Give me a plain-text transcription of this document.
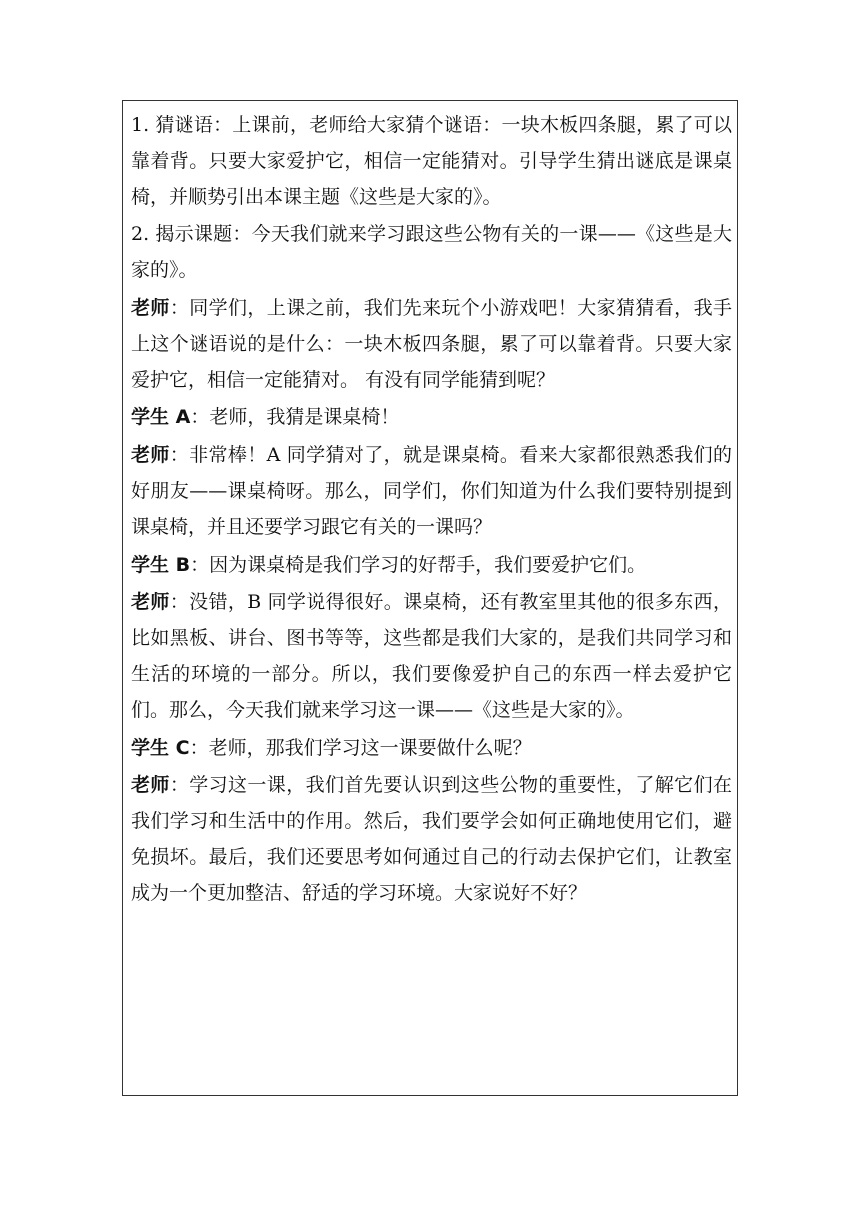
1. 猜谜语：上课前，老师给大家猜个谜语：一块木板四条腿，累了可以靠着背。只要大家爱护它，相信一定能猜对。引导学生猜出谜底是课桌椅，并顺势引出本课主题《这些是大家的》。

2. 揭示课题：今天我们就来学习跟这些公物有关的一课——《这些是大家的》。

老师：同学们，上课之前，我们先来玩个小游戏吧！大家猜猜看，我手上这个谜语说的是什么：一块木板四条腿，累了可以靠着背。只要大家爱护它，相信一定能猜对。 有没有同学能猜到呢？

学生 A：老师，我猜是课桌椅！

老师：非常棒！A 同学猜对了，就是课桌椅。看来大家都很熟悉我们的好朋友——课桌椅呀。那么，同学们，你们知道为什么我们要特别提到课桌椅，并且还要学习跟它有关的一课吗？

学生 B：因为课桌椅是我们学习的好帮手，我们要爱护它们。

老师：没错，B 同学说得很好。课桌椅，还有教室里其他的很多东西，比如黑板、讲台、图书等等，这些都是我们大家的，是我们共同学习和生活的环境的一部分。所以，我们要像爱护自己的东西一样去爱护它们。那么，今天我们就来学习这一课——《这些是大家的》。

学生 C：老师，那我们学习这一课要做什么呢？

老师：学习这一课，我们首先要认识到这些公物的重要性，了解它们在我们学习和生活中的作用。然后，我们要学会如何正确地使用它们，避免损坏。最后，我们还要思考如何通过自己的行动去保护它们，让教室成为一个更加整洁、舒适的学习环境。大家说好不好？
